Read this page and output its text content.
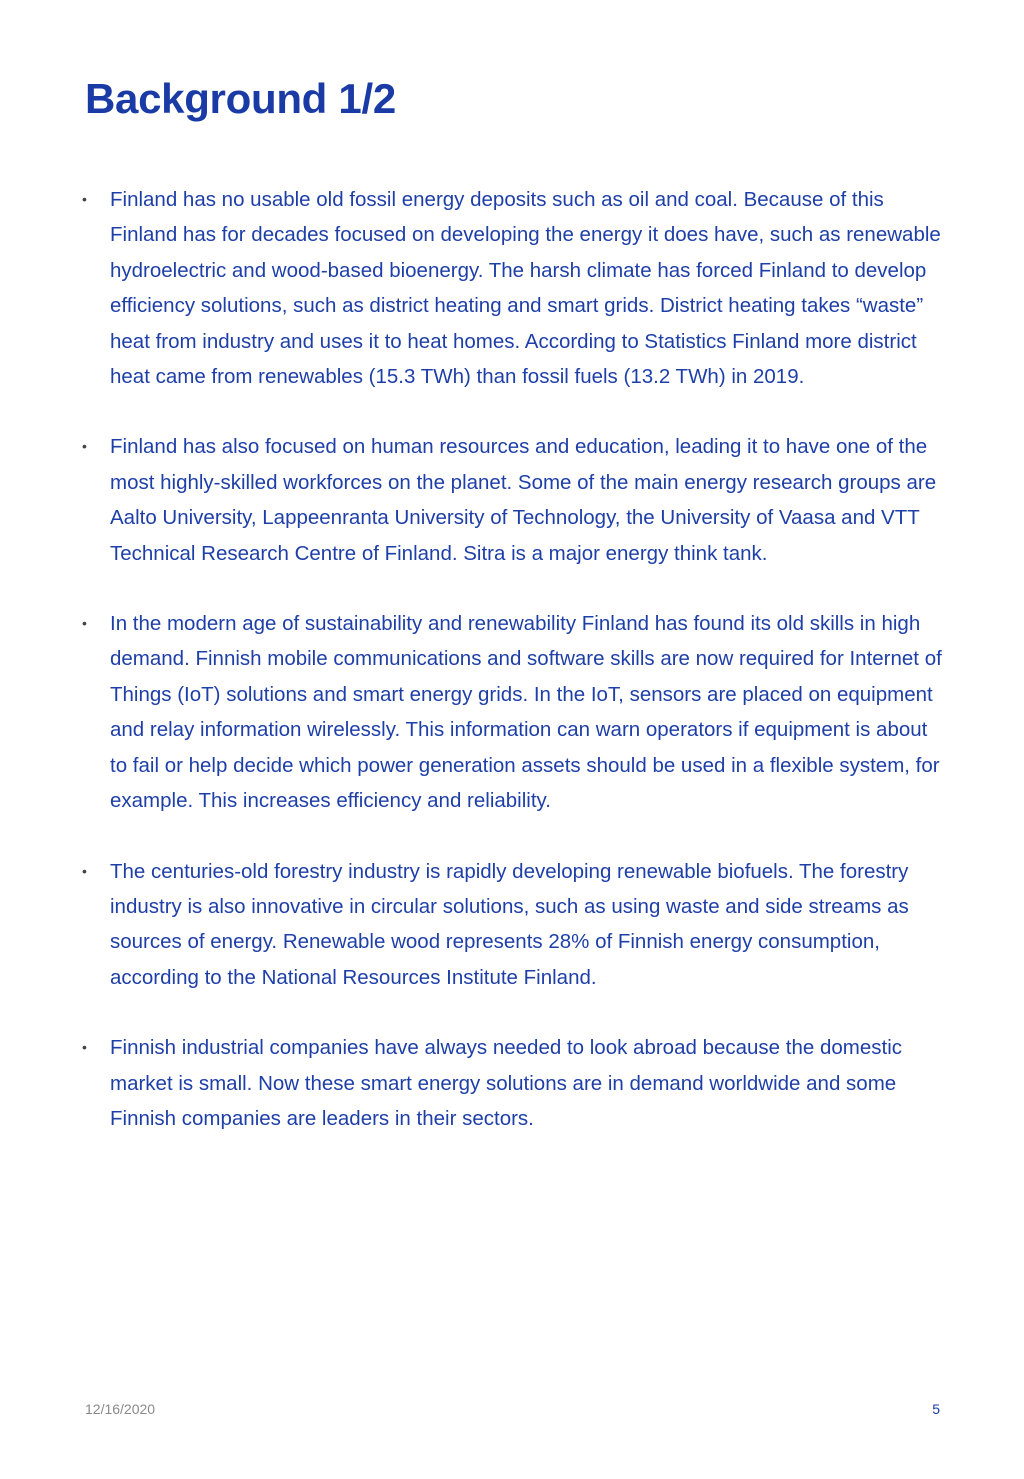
Background 1/2
•	Finland has no usable old fossil energy deposits such as oil and coal. Because of this Finland has for decades focused on developing the energy it does have, such as renewable hydroelectric and wood-based bioenergy. The harsh climate has forced Finland to develop efficiency solutions, such as district heating and smart grids. District heating takes “waste” heat from industry and uses it to heat homes. According to Statistics Finland more district heat came from renewables (15.3 TWh) than fossil fuels (13.2 TWh) in 2019.
•	Finland has also focused on human resources and education, leading it to have one of the most highly-skilled workforces on the planet. Some of the main energy research groups are Aalto University, Lappeenranta University of Technology, the University of Vaasa and VTT Technical Research Centre of Finland. Sitra is a major energy think tank.
•	In the modern age of sustainability and renewability Finland has found its old skills in high demand. Finnish mobile communications and software skills are now required for Internet of Things (IoT) solutions and smart energy grids. In the IoT, sensors are placed on equipment and relay information wirelessly. This information can warn operators if equipment is about to fail or help decide which power generation assets should be used in a flexible system, for example. This increases efficiency and reliability.
•	The centuries-old forestry industry is rapidly developing renewable biofuels. The forestry industry is also innovative in circular solutions, such as using waste and side streams as sources of energy. Renewable wood represents 28% of Finnish energy consumption, according to the National Resources Institute Finland.
•	Finnish industrial companies have always needed to look abroad because the domestic market is small. Now these smart energy solutions are in demand worldwide and some Finnish companies are leaders in their sectors.
12/16/2020	5
